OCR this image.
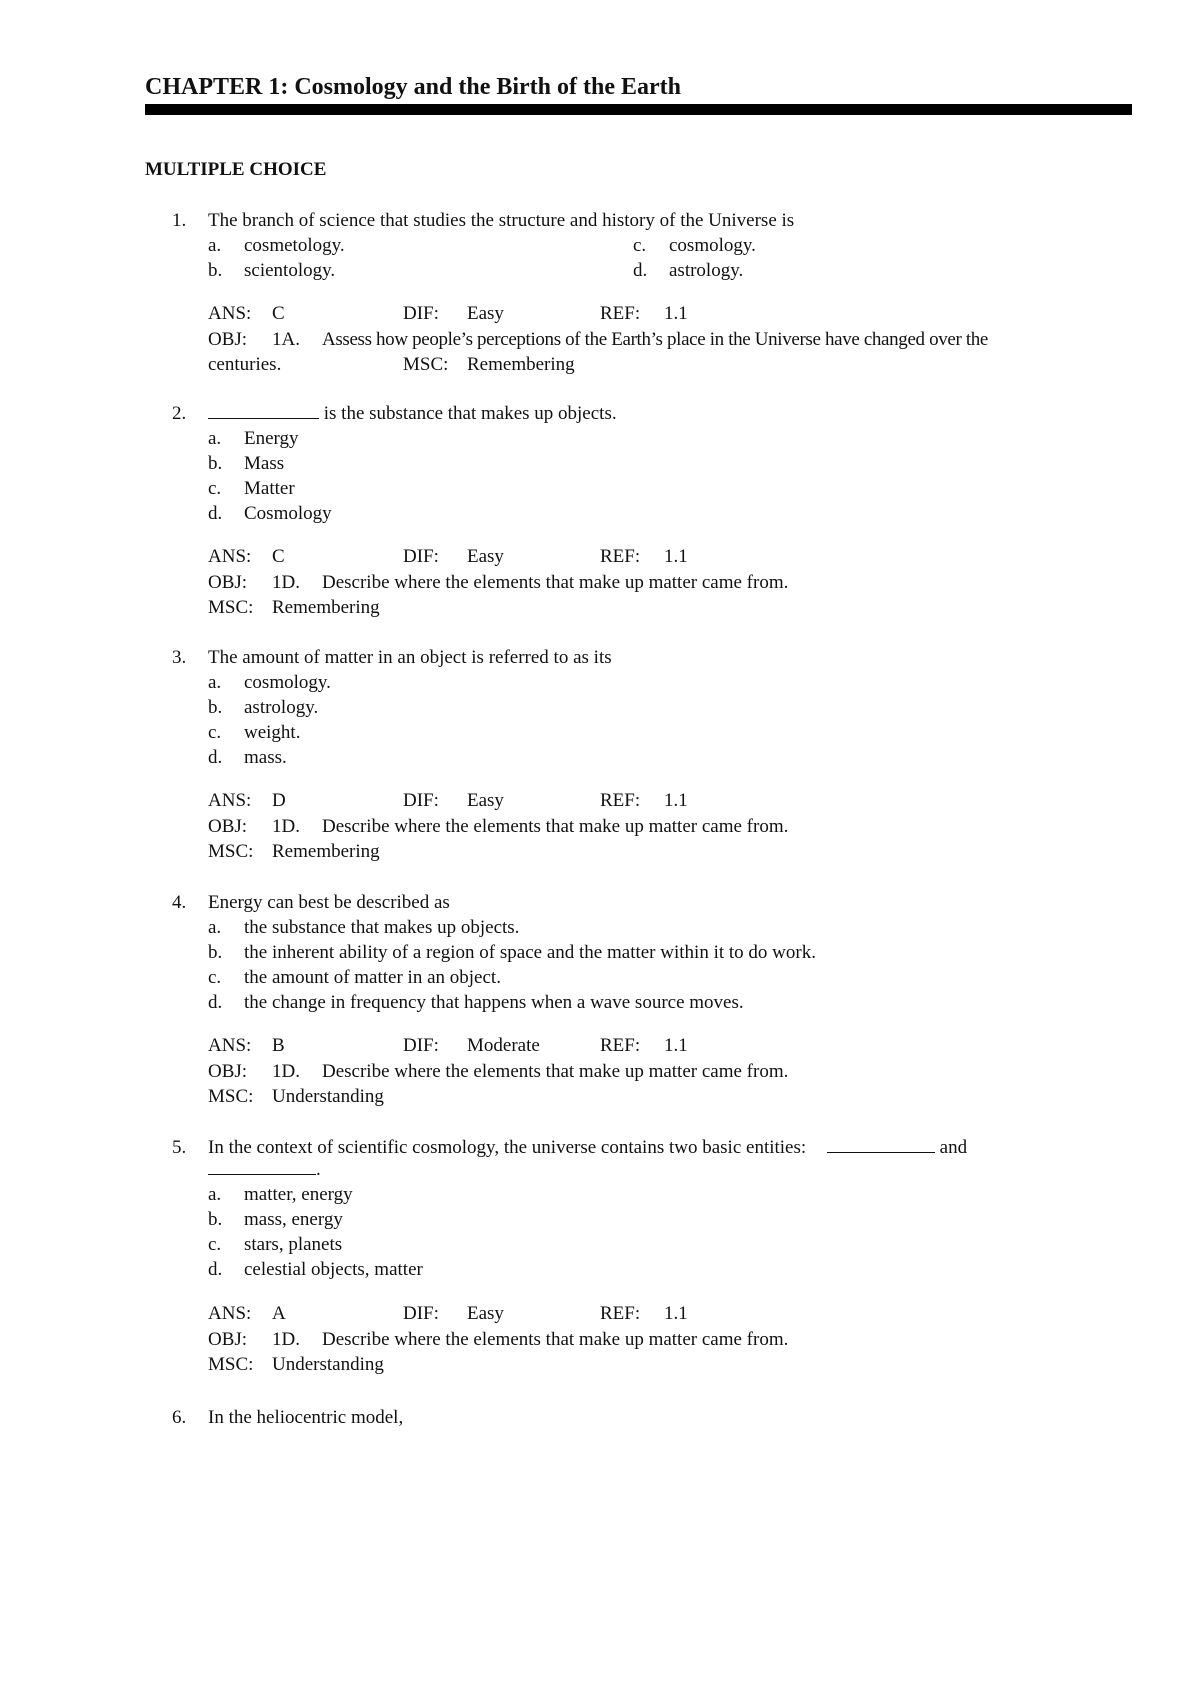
CHAPTER 1: Cosmology and the Birth of the Earth
MULTIPLE CHOICE
1.	The branch of science that studies the structure and history of the Universe is
a. cosmetology.	c. cosmology.
b. scientology.	d. astrology.
ANS: C	DIF: Easy	REF: 1.1
OBJ: 1A. Assess how people’s perceptions of the Earth’s place in the Universe have changed over the
centuries.	MSC: Remembering
2.	is the substance that makes up objects.
a. Energy
b. Mass
c. Matter
d. Cosmology
ANS: C	DIF: Easy	REF: 1.1
OBJ: 1D. Describe where the elements that make up matter came from.
MSC: Remembering
3.	The amount of matter in an object is referred to as its
a. cosmology.
b. astrology.
c. weight.
d. mass.
ANS: D	DIF: Easy	REF: 1.1
OBJ: 1D. Describe where the elements that make up matter came from.
MSC: Remembering
4.	Energy can best be described as
a. the substance that makes up objects.
b. the inherent ability of a region of space and the matter within it to do work.
c. the amount of matter in an object.
d. the change in frequency that happens when a wave source moves.
ANS: B	DIF: Moderate	REF: 1.1
OBJ: 1D. Describe where the elements that make up matter came from.
MSC: Understanding
5.	In the context of scientific cosmology, the universe contains two basic entities:	and
.
a. matter, energy
b. mass, energy
c. stars, planets
d. celestial objects, matter
ANS: A	DIF: Easy	REF: 1.1
OBJ: 1D. Describe where the elements that make up matter came from.
MSC: Understanding
6.	In the heliocentric model,
